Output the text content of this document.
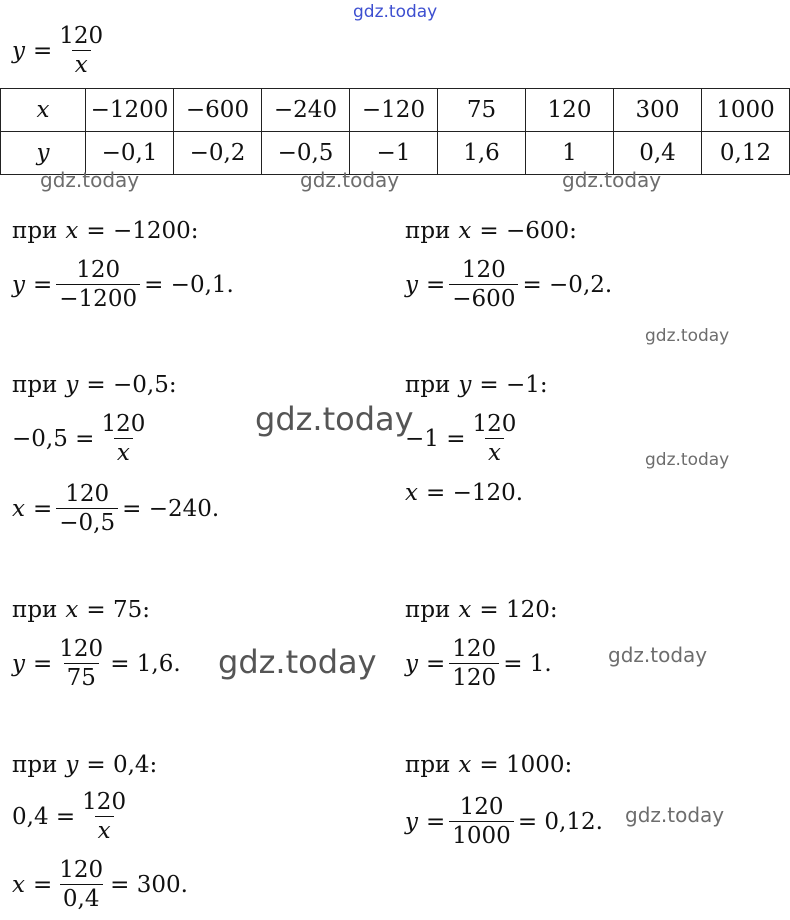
gdz.today
$y = \frac{120}{x}$
x	−1200	−600	−240	−120	75	120	300	1000
y	−0,1	−0,2	−0,5	−1	1,6	1	0,4	0,12
gdz.today	gdz.today	gdz.today
при x = −1200:
$y = \frac{120}{-1200} = -0,1$.
при x = −600:
$y = \frac{120}{-600} = -0,2$.
gdz.today
при y = −0,5:
$-0,5 = \frac{120}{x}$
$x = \frac{120}{-0,5} = -240$.
при y = −1:
$-1 = \frac{120}{x}$
x = −120.
gdz.today
gdz.today
при x = 75:
$y = \frac{120}{75} = 1,6$.
при x = 120:
$y = \frac{120}{120} = 1$.
gdz.today	gdz.today
при y = 0,4:
$0,4 = \frac{120}{x}$
$x = \frac{120}{0,4} = 300$.
при x = 1000:
$y = \frac{120}{1000} = 0,12$. gdz.today
